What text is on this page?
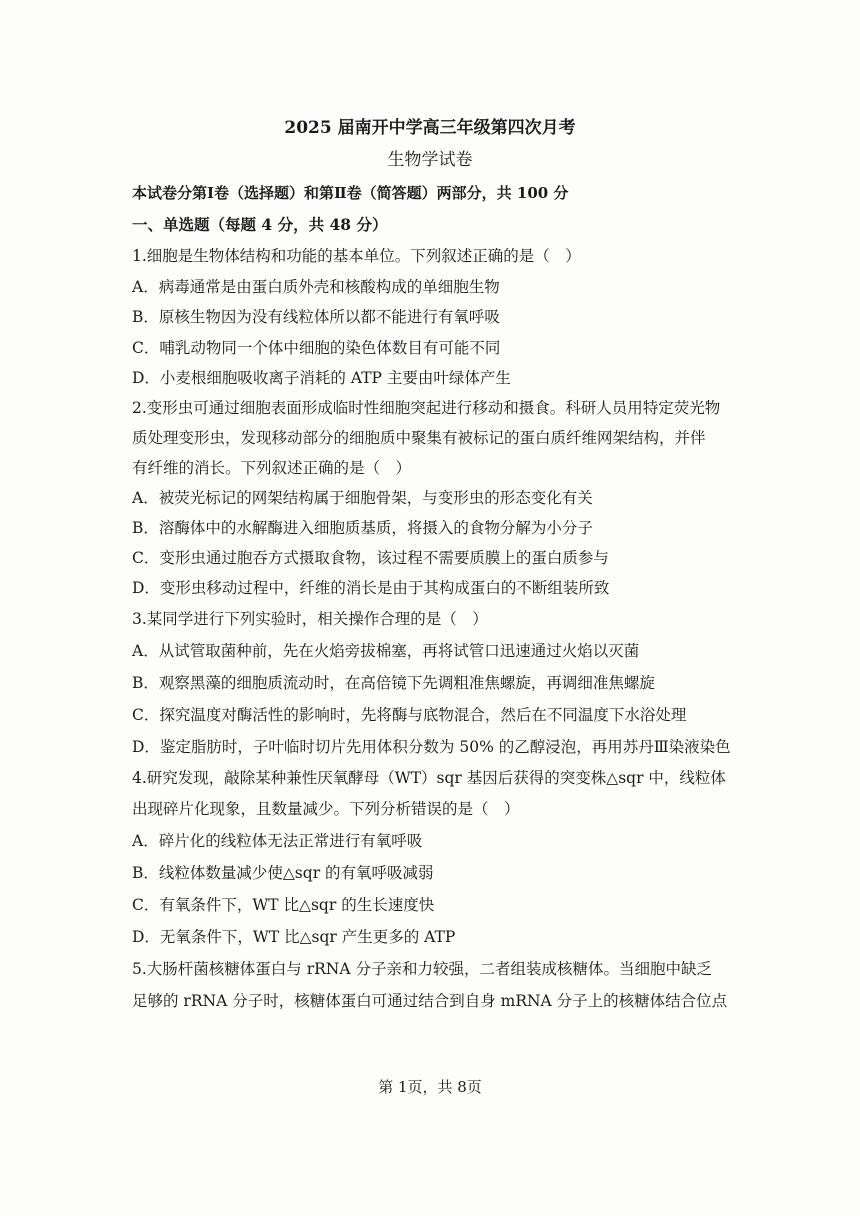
2025 届南开中学高三年级第四次月考
生物学试卷
本试卷分第Ⅰ卷（选择题）和第Ⅱ卷（简答题）两部分，共 100 分
一、单选题（每题 4 分，共 48 分）
1.细胞是生物体结构和功能的基本单位。下列叙述正确的是（　）
A．病毒通常是由蛋白质外壳和核酸构成的单细胞生物
B．原核生物因为没有线粒体所以都不能进行有氧呼吸
C．哺乳动物同一个体中细胞的染色体数目有可能不同
D．小麦根细胞吸收离子消耗的 ATP 主要由叶绿体产生
2.变形虫可通过细胞表面形成临时性细胞突起进行移动和摄食。科研人员用特定荧光物
质处理变形虫，发现移动部分的细胞质中聚集有被标记的蛋白质纤维网架结构，并伴
有纤维的消长。下列叙述正确的是（　）
A．被荧光标记的网架结构属于细胞骨架，与变形虫的形态变化有关
B．溶酶体中的水解酶进入细胞质基质，将摄入的食物分解为小分子
C．变形虫通过胞吞方式摄取食物，该过程不需要质膜上的蛋白质参与
D．变形虫移动过程中，纤维的消长是由于其构成蛋白的不断组装所致
3.某同学进行下列实验时，相关操作合理的是（　）
A．从试管取菌种前，先在火焰旁拔棉塞，再将试管口迅速通过火焰以灭菌
B．观察黑藻的细胞质流动时，在高倍镜下先调粗准焦螺旋，再调细准焦螺旋
C．探究温度对酶活性的影响时，先将酶与底物混合，然后在不同温度下水浴处理
D．鉴定脂肪时，子叶临时切片先用体积分数为 50% 的乙醇浸泡，再用苏丹Ⅲ染液染色
4.研究发现，敲除某种兼性厌氧酵母（WT）sqr 基因后获得的突变株△sqr 中，线粒体
出现碎片化现象，且数量减少。下列分析错误的是（　）
A．碎片化的线粒体无法正常进行有氧呼吸
B．线粒体数量减少使△sqr 的有氧呼吸减弱
C．有氧条件下，WT 比△sqr 的生长速度快
D．无氧条件下，WT 比△sqr 产生更多的 ATP
5.大肠杆菌核糖体蛋白与 rRNA 分子亲和力较强，二者组装成核糖体。当细胞中缺乏
足够的 rRNA 分子时，核糖体蛋白可通过结合到自身 mRNA 分子上的核糖体结合位点
第 1页，共 8页
